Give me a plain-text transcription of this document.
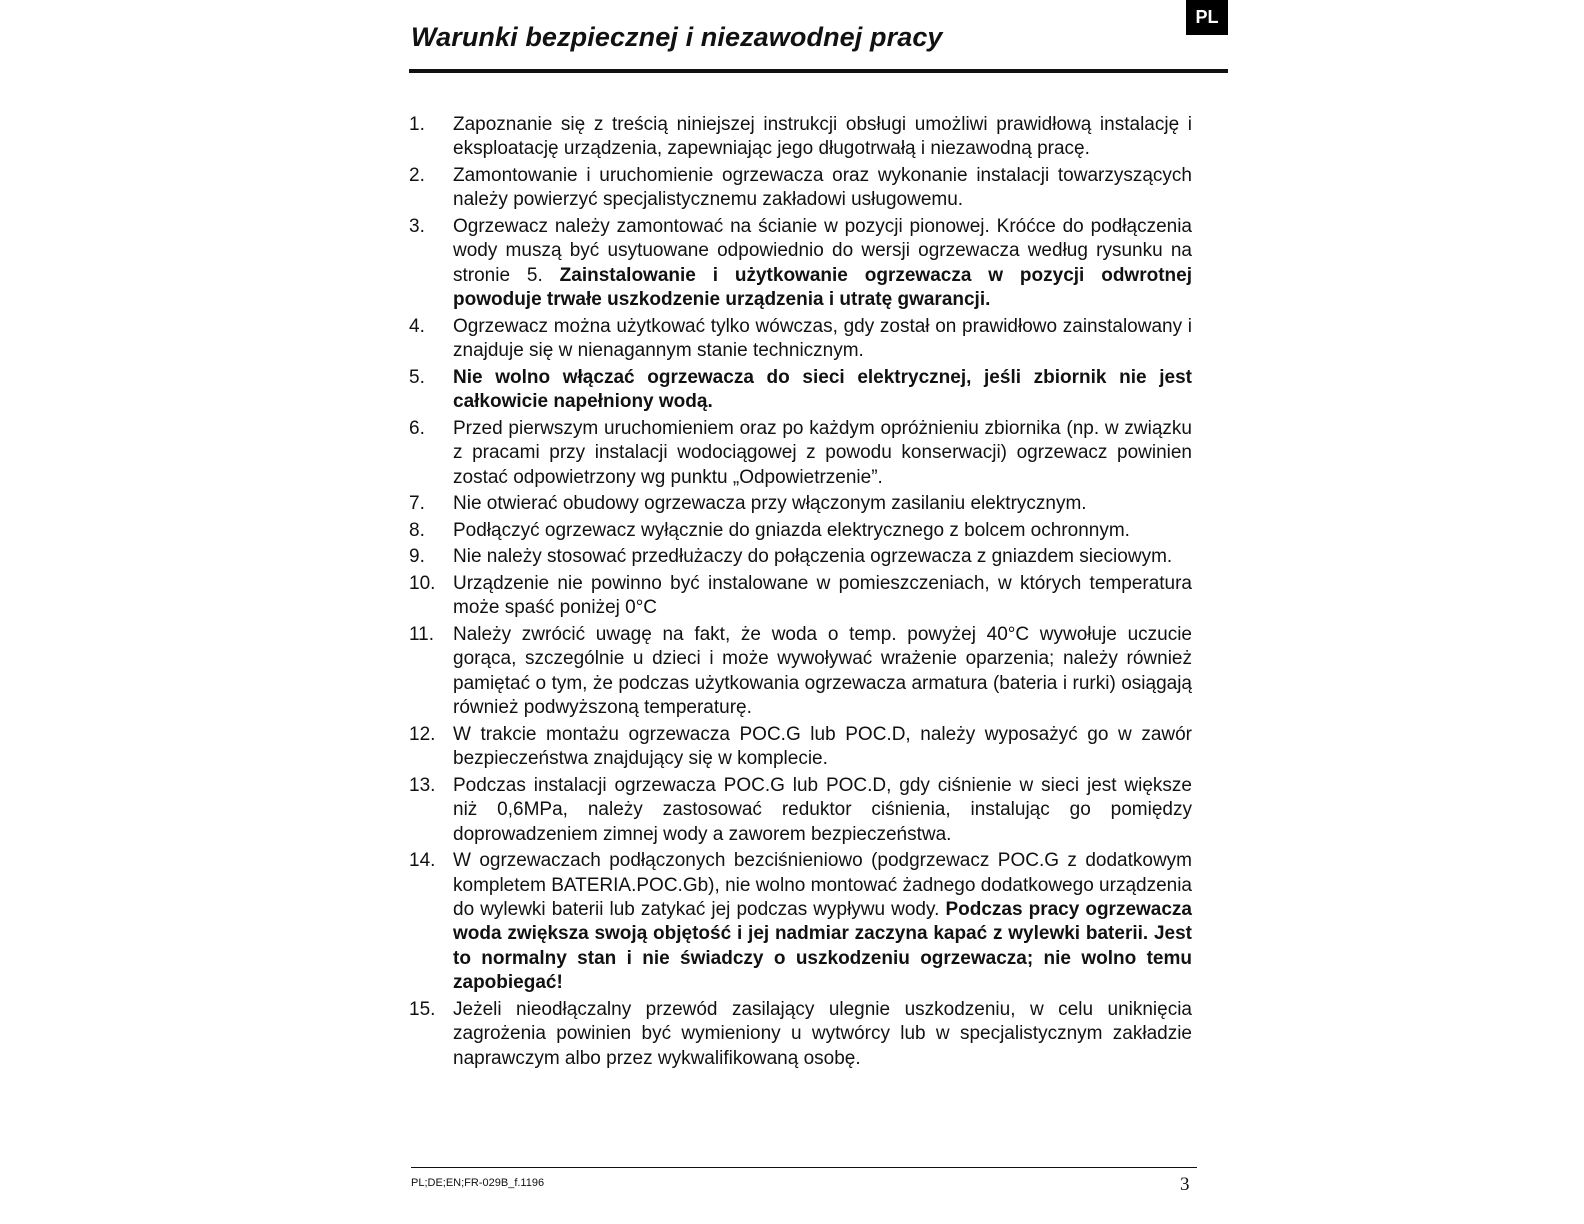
PL
Warunki bezpiecznej i niezawodnej pracy
1.	Zapoznanie się z treścią niniejszej instrukcji obsługi umożliwi prawidłową instalację i eksploatację urządzenia, zapewniając jego długotrwałą i niezawodną pracę.
2.	Zamontowanie i uruchomienie ogrzewacza oraz wykonanie instalacji towarzyszących należy powierzyć specjalistycznemu zakładowi usługowemu.
3.	Ogrzewacz należy zamontować na ścianie w pozycji pionowej. Króćce do podłączenia wody muszą być usytuowane odpowiednio do wersji ogrzewacza według rysunku na stronie 5. Zainstalowanie i użytkowanie ogrzewacza w pozycji odwrotnej powoduje trwałe uszkodzenie urządzenia i utratę gwarancji.
4.	Ogrzewacz można użytkować tylko wówczas, gdy został on prawidłowo zainstalowany i znajduje się w nienagannym stanie technicznym.
5.	Nie wolno włączać ogrzewacza do sieci elektrycznej, jeśli zbiornik nie jest całkowicie napełniony wodą.
6.	Przed pierwszym uruchomieniem oraz po każdym opróżnieniu zbiornika (np. w związku z pracami przy instalacji wodociągowej z powodu konserwacji) ogrzewacz powinien zostać odpowietrzony wg punktu „Odpowietrzenie”.
7.	Nie otwierać obudowy ogrzewacza przy włączonym zasilaniu elektrycznym.
8.	Podłączyć ogrzewacz wyłącznie do gniazda elektrycznego z bolcem ochronnym.
9.	Nie należy stosować przedłużaczy do połączenia ogrzewacza z gniazdem sieciowym.
10. Urządzenie nie powinno być instalowane w pomieszczeniach, w których temperatura może spaść poniżej 0°C
11. Należy zwrócić uwagę na fakt, że woda o temp. powyżej 40°C wywołuje uczucie gorąca, szczególnie u dzieci i może wywoływać wrażenie oparzenia; należy również pamiętać o tym, że podczas użytkowania ogrzewacza armatura (bateria i rurki) osiągają również podwyższoną temperaturę.
12. W trakcie montażu ogrzewacza POC.G lub POC.D, należy wyposażyć go w zawór bezpieczeństwa znajdujący się w komplecie.
13. Podczas instalacji ogrzewacza POC.G lub POC.D, gdy ciśnienie w sieci jest większe niż 0,6MPa, należy zastosować reduktor ciśnienia, instalując go pomiędzy doprowadzeniem zimnej wody a zaworem bezpieczeństwa.
14. W ogrzewaczach podłączonych bezciśnieniowo (podgrzewacz POC.G z dodatkowym kompletem BATERIA.POC.Gb), nie wolno montować żadnego dodatkowego urządzenia do wylewki baterii lub zatykać jej podczas wypływu wody. Podczas pracy ogrzewacza woda zwiększa swoją objętość i jej nadmiar zaczyna kapać z wylewki baterii. Jest to normalny stan i nie świadczy o uszkodzeniu ogrzewacza; nie wolno temu zapobiegać!
15. Jeżeli nieodłączalny przewód zasilający ulegnie uszkodzeniu, w celu uniknięcia zagrożenia powinien być wymieniony u wytwórcy lub w specjalistycznym zakładzie naprawczym albo przez wykwalifikowaną osobę.
PL;DE;EN;FR-029B_f.1196	3
